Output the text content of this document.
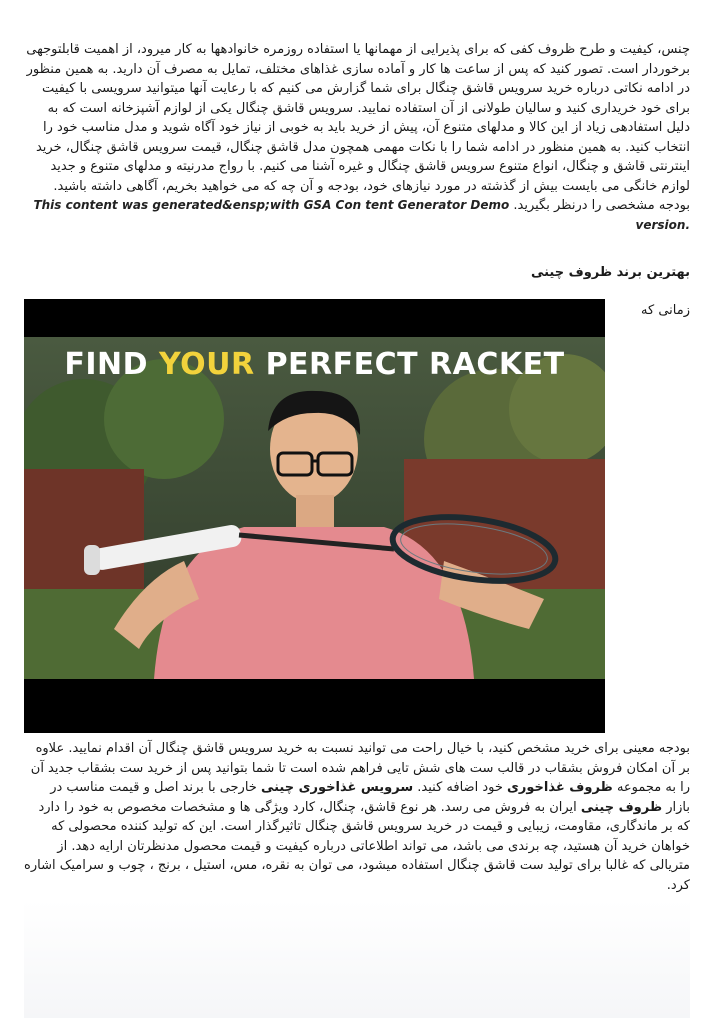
چنس، کیفیت و طرح ظروف کفی که برای پذیرایی از مهمانها یا استفاده روزمره خانوادهها به کار میرود، از اهمیت قابلتوجهی برخوردار است. تصور کنید که پس از ساعت ها کار و آماده سازی غذاهای مختلف، تمایل به مصرف آن دارید. به همین منظور در ادامه نکاتی درباره خرید سرویس قاشق چنگال برای شما گزارش می کنیم که با رعایت آنها میتوانید سرویسی با کیفیت برای خود خریداری کنید و سالیان طولانی از آن استفاده نمایید. سرویس قاشق چنگال یکی از لوازم آشپزخانه است که به دلیل استفادهی زیاد از این کالا و مدلهای متنوع آن، پیش از خرید باید به خوبی از نیاز خود آگاه شوید و مدل مناسب خود را انتخاب کنید. به همین منظور در ادامه شما را با نکات مهمی همچون مدل قاشق چنگال، قیمت سرویس قاشق چنگال، خرید اینترنتی قاشق و چنگال، انواع متنوع سرویس قاشق چنگال و غیره آشنا می کنیم. با رواج مدرنیته و مدلهای متنوع و جدید لوازم خانگی می بایست بیش از گذشته در مورد نیازهای خود، بودجه و آن چه که می خواهید بخریم، آگاهی داشته باشید. بودجه مشخصی را درنظر بگیرید. This content was generated&ensp;with GSA Con tent Generator Demo version.

بهترین برند ظروف چینی
FIND YOUR PERFECT RACKET
زمانی که

بودجه معینی برای خرید مشخص کنید، با خیال راحت می توانید نسبت به خرید سرویس قاشق چنگال آن اقدام نمایید. علاوه بر آن امکان فروش بشقاب در قالب ست های شش تایی فراهم شده است تا شما بتوانید پس از خرید ست بشقاب جدید آن را به مجموعه ظروف غذاخوری خود اضافه کنید. سرویس غذاخوری چینی خارجی با برند اصل و قیمت مناسب در بازار ظروف چینی ایران به فروش می رسد. هر نوع قاشق، چنگال، کارد ویژگی ها و مشخصات مخصوص به خود را دارد که بر ماندگاری، مقاومت، زیبایی و قیمت در خرید سرویس قاشق چنگال تاثیرگذار است. این که تولید کننده محصولی که خواهان خرید آن هستید، چه برندی می باشد، می تواند اطلاعاتی درباره کیفیت و قیمت محصول مدنظرتان ارایه دهد. از متریالی که غالبا برای تولید ست قاشق چنگال استفاده میشود، می توان به نقره، مس، استیل ، برنج ، چوب و سرامیک اشاره کرد.
